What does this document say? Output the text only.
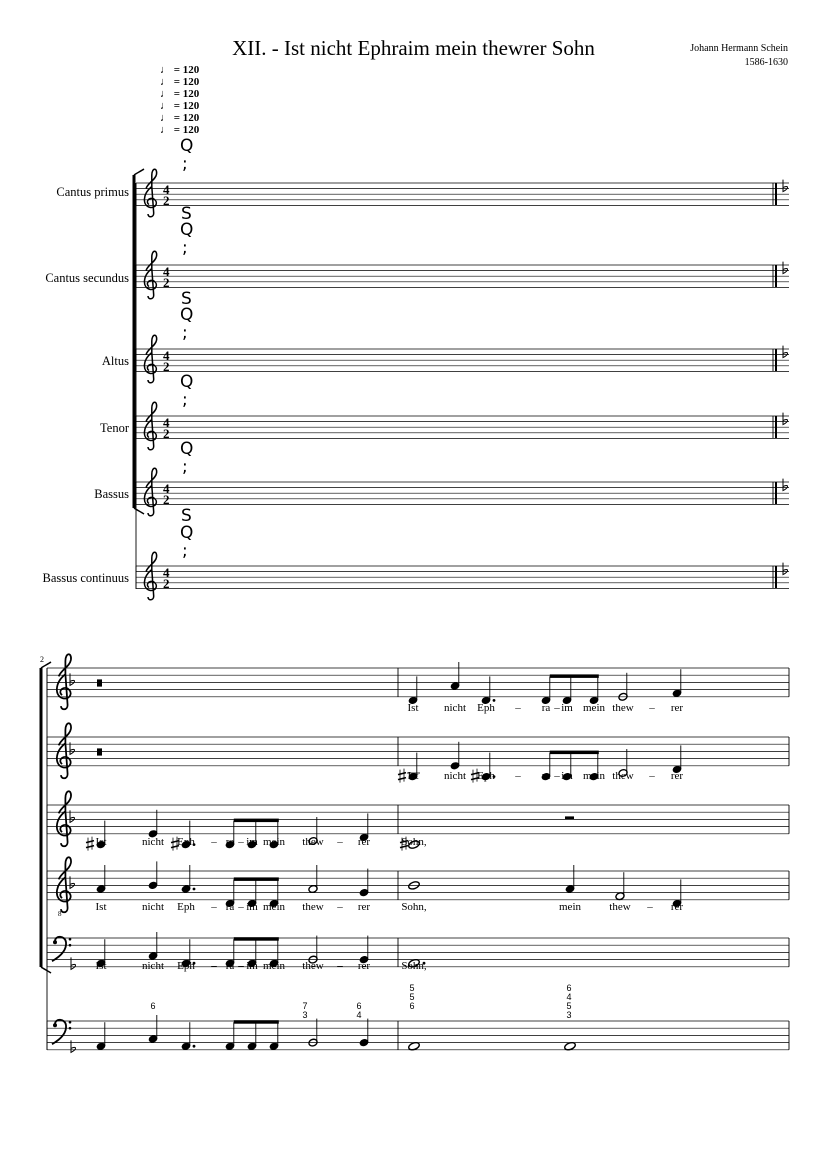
XII. - Ist nicht Ephraim mein thewrer Sohn	Johann Hermann Schein
1586-1630
♩ = 120
♩ = 120
♩ = 120
♩ = 120
♩ = 120
♩ = 120
Cantus primus
Cantus secundus
Altus
Tenor
Bassus
Bassus continuus
Q
;
S
Q
;
S
Q
;
Q
;
Q
;
S
Q
;
2
4
2
4
2
4
2
4
2
4
2
4
2
8
Ist nicht Eph – ra – im mein thew – rer
Ist nicht Eph – ra – im mein thew – rer
Ist	nicht Eph – ra – im mein thew – rer	Sohn,
Ist	nicht Eph – ra – im mein thew – rer	Sohn,	mein	thew – rer
Ist	nicht Eph – ra – im mein thew – rer	Sohn,
6	7
3
6
4
5
5
6
6
4
5
3
